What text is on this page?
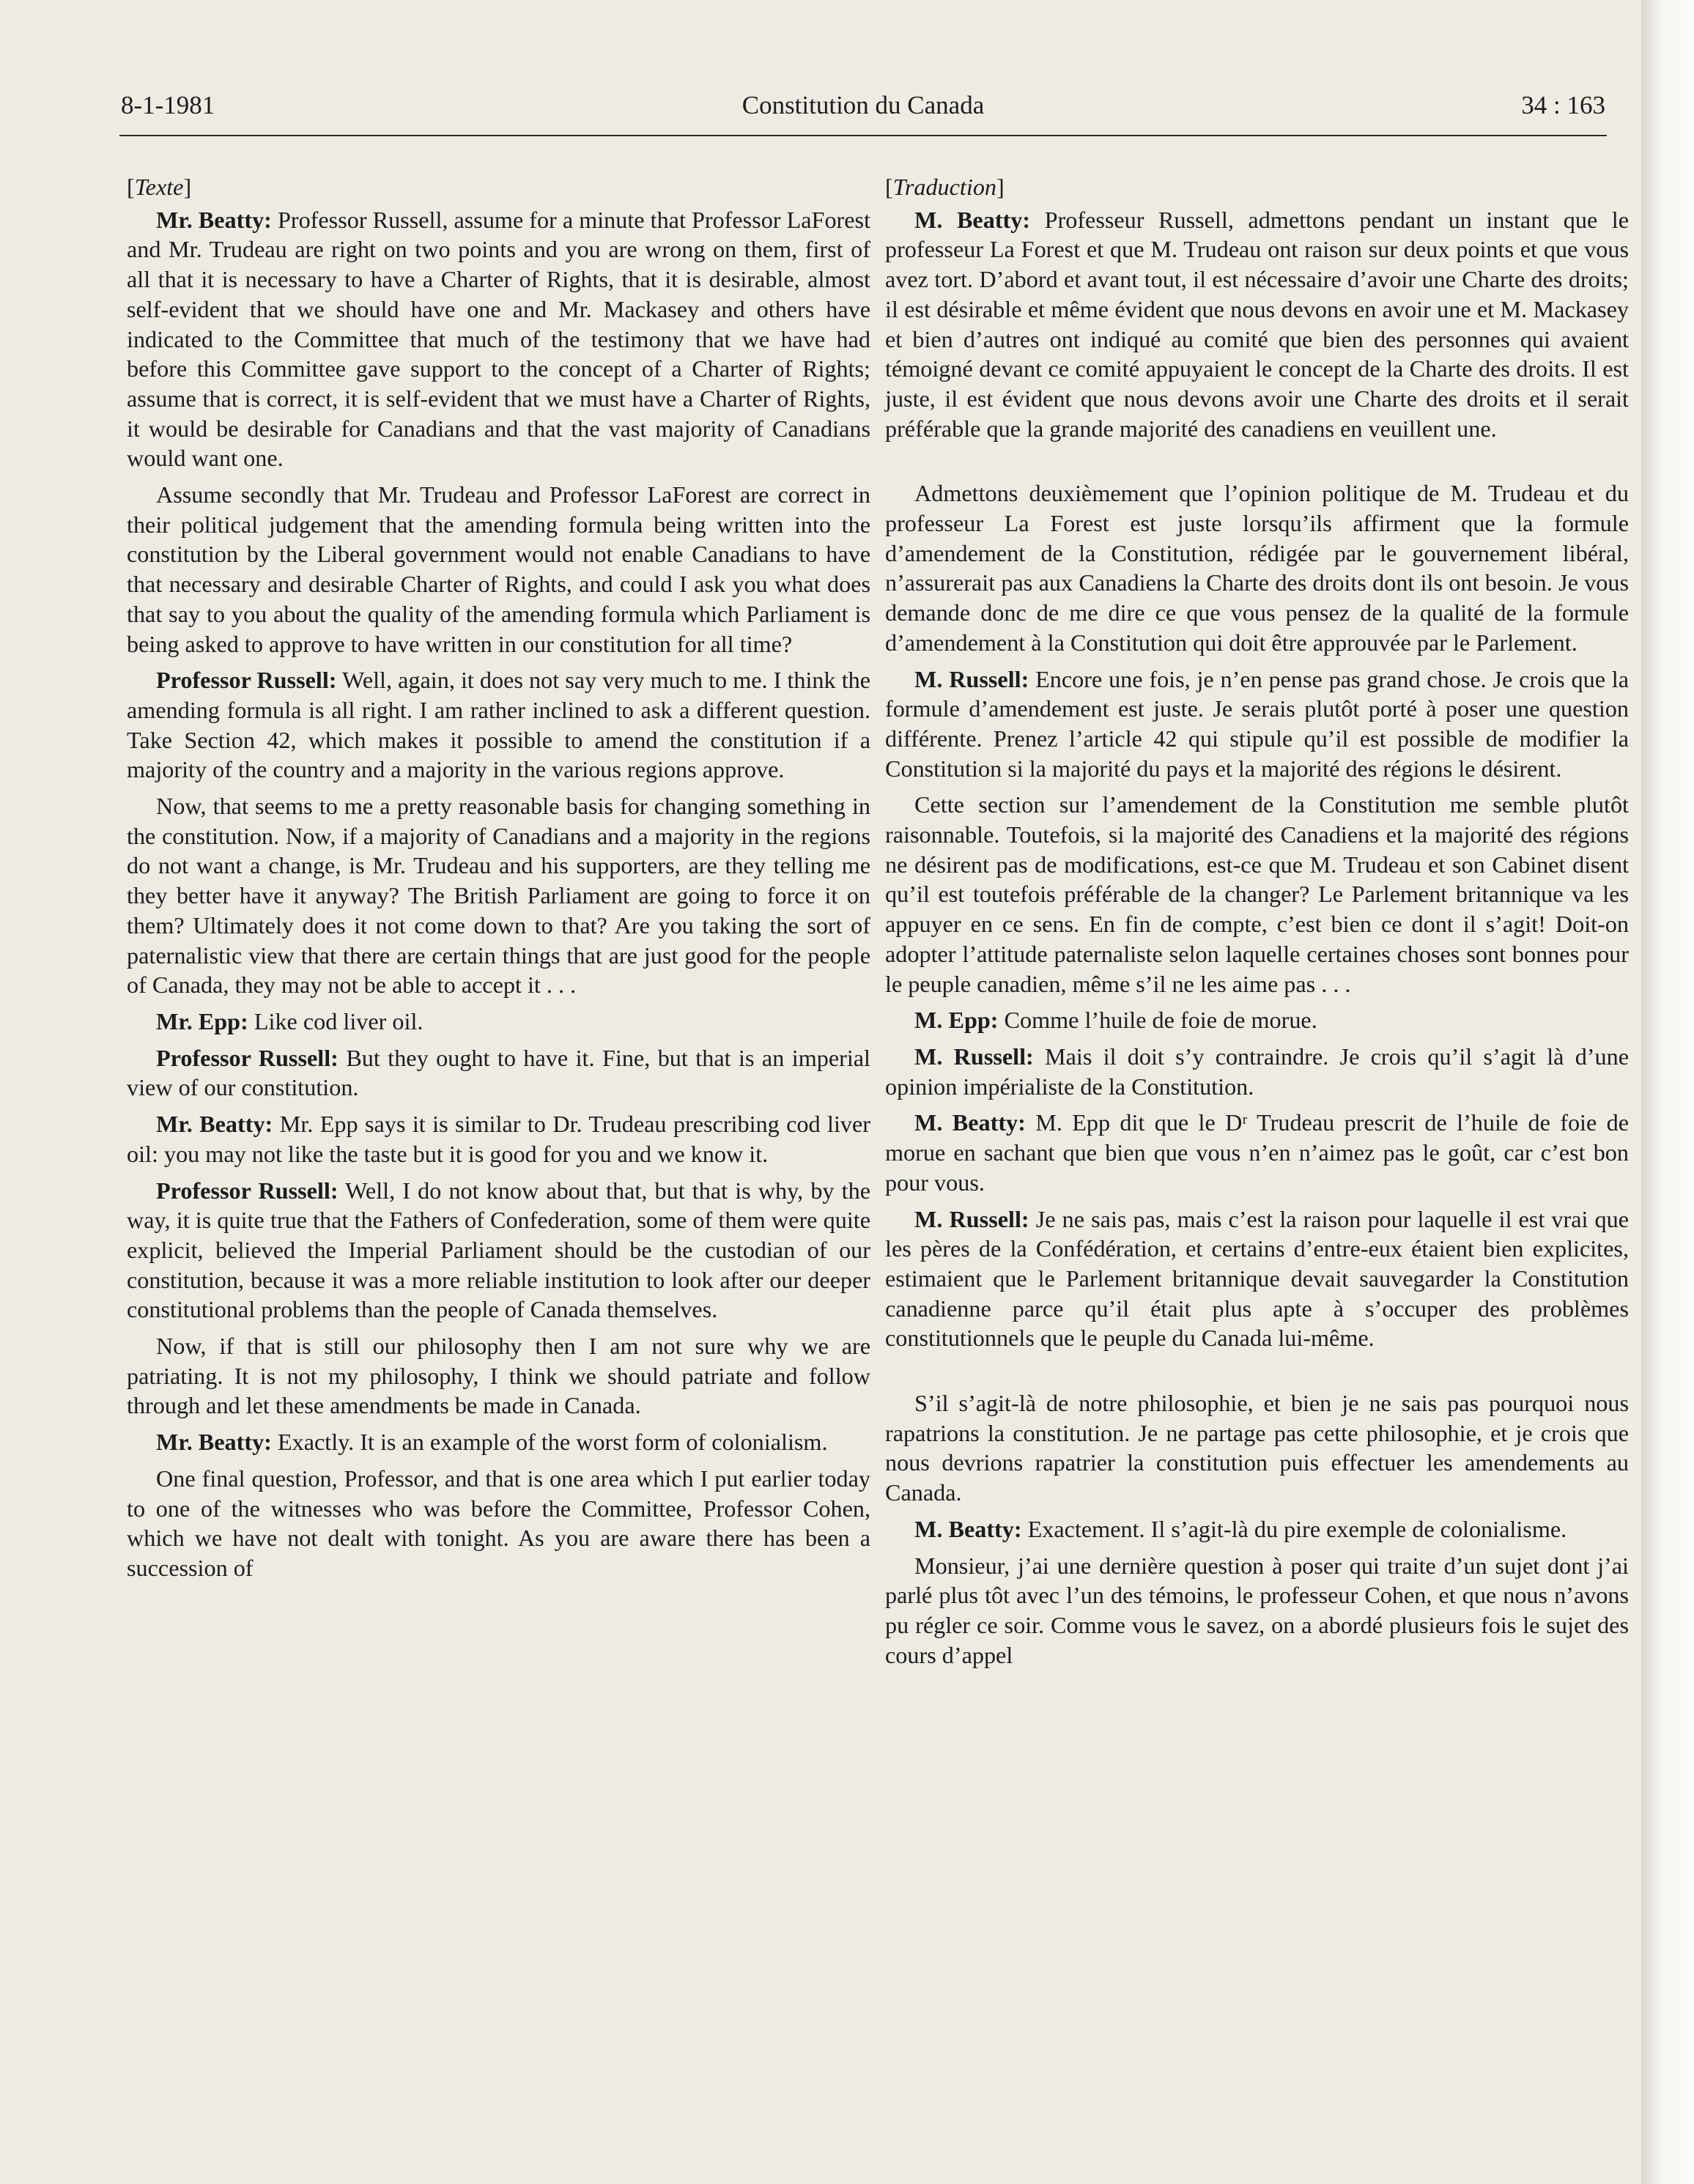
8-1-1981	Constitution du Canada	34 : 163

[Texte]

Mr. Beatty: Professor Russell, assume for a minute that Professor LaForest and Mr. Trudeau are right on two points and you are wrong on them, first of all that it is necessary to have a Charter of Rights, that it is desirable, almost self-evident that we should have one and Mr. Mackasey and others have indicated to the Committee that much of the testimony that we have had before this Committee gave support to the concept of a Charter of Rights; assume that is correct, it is self-evident that we must have a Charter of Rights, it would be desirable for Canadians and that the vast majority of Canadians would want one.

Assume secondly that Mr. Trudeau and Professor LaForest are correct in their political judgement that the amending formula being written into the constitution by the Liberal government would not enable Canadians to have that necessary and desirable Charter of Rights, and could I ask you what does that say to you about the quality of the amending formula which Parliament is being asked to approve to have written in our constitution for all time?

Professor Russell: Well, again, it does not say very much to me. I think the amending formula is all right. I am rather inclined to ask a different question. Take Section 42, which makes it possible to amend the constitution if a majority of the country and a majority in the various regions approve.

Now, that seems to me a pretty reasonable basis for changing something in the constitution. Now, if a majority of Canadians and a majority in the regions do not want a change, is Mr. Trudeau and his supporters, are they telling me they better have it anyway? The British Parliament are going to force it on them? Ultimately does it not come down to that? Are you taking the sort of paternalistic view that there are certain things that are just good for the people of Canada, they may not be able to accept it . . .

Mr. Epp: Like cod liver oil.

Professor Russell: But they ought to have it. Fine, but that is an imperial view of our constitution.

Mr. Beatty: Mr. Epp says it is similar to Dr. Trudeau prescribing cod liver oil: you may not like the taste but it is good for you and we know it.

Professor Russell: Well, I do not know about that, but that is why, by the way, it is quite true that the Fathers of Confederation, some of them were quite explicit, believed the Imperial Parliament should be the custodian of our constitution, because it was a more reliable institution to look after our deeper constitutional problems than the people of Canada themselves.

Now, if that is still our philosophy then I am not sure why we are patriating. It is not my philosophy, I think we should patriate and follow through and let these amendments be made in Canada.

Mr. Beatty: Exactly. It is an example of the worst form of colonialism.

One final question, Professor, and that is one area which I put earlier today to one of the witnesses who was before the Committee, Professor Cohen, which we have not dealt with tonight. As you are aware there has been a succession of

[Traduction]

M. Beatty: Professeur Russell, admettons pendant un instant que le professeur La Forest et que M. Trudeau ont raison sur deux points et que vous avez tort. D’abord et avant tout, il est nécessaire d’avoir une Charte des droits; il est désirable et même évident que nous devons en avoir une et M. Mackasey et bien d’autres ont indiqué au comité que bien des personnes qui avaient témoigné devant ce comité appuyaient le concept de la Charte des droits. Il est juste, il est évident que nous devons avoir une Charte des droits et il serait préférable que la grande majorité des canadiens en veuillent une.

Admettons deuxièmement que l’opinion politique de M. Trudeau et du professeur La Forest est juste lorsqu’ils affirment que la formule d’amendement de la Constitution, rédigée par le gouvernement libéral, n’assurerait pas aux Canadiens la Charte des droits dont ils ont besoin. Je vous demande donc de me dire ce que vous pensez de la qualité de la formule d’amendement à la Constitution qui doit être approuvée par le Parlement.

M. Russell: Encore une fois, je n’en pense pas grand chose. Je crois que la formule d’amendement est juste. Je serais plutôt porté à poser une question différente. Prenez l’article 42 qui stipule qu’il est possible de modifier la Constitution si la majorité du pays et la majorité des régions le désirent.

Cette section sur l’amendement de la Constitution me semble plutôt raisonnable. Toutefois, si la majorité des Canadiens et la majorité des régions ne désirent pas de modifications, est-ce que M. Trudeau et son Cabinet disent qu’il est toutefois préférable de la changer? Le Parlement britannique va les appuyer en ce sens. En fin de compte, c’est bien ce dont il s’agit! Doit-on adopter l’attitude paternaliste selon laquelle certaines choses sont bonnes pour le peuple canadien, même s’il ne les aime pas . . .

M. Epp: Comme l’huile de foie de morue.

M. Russell: Mais il doit s’y contraindre. Je crois qu’il s’agit là d’une opinion impérialiste de la Constitution.

M. Beatty: M. Epp dit que le Dʳ Trudeau prescrit de l’huile de foie de morue en sachant que bien que vous n’en n’aimez pas le goût, car c’est bon pour vous.

M. Russell: Je ne sais pas, mais c’est la raison pour laquelle il est vrai que les pères de la Confédération, et certains d’entre-eux étaient bien explicites, estimaient que le Parlement britannique devait sauvegarder la Constitution canadienne parce qu’il était plus apte à s’occuper des problèmes constitutionnels que le peuple du Canada lui-même.

S’il s’agit-là de notre philosophie, et bien je ne sais pas pourquoi nous rapatrions la constitution. Je ne partage pas cette philosophie, et je crois que nous devrions rapatrier la constitution puis effectuer les amendements au Canada.

M. Beatty: Exactement. Il s’agit-là du pire exemple de colonialisme.

Monsieur, j’ai une dernière question à poser qui traite d’un sujet dont j’ai parlé plus tôt avec l’un des témoins, le professeur Cohen, et que nous n’avons pu régler ce soir. Comme vous le savez, on a abordé plusieurs fois le sujet des cours d’appel
